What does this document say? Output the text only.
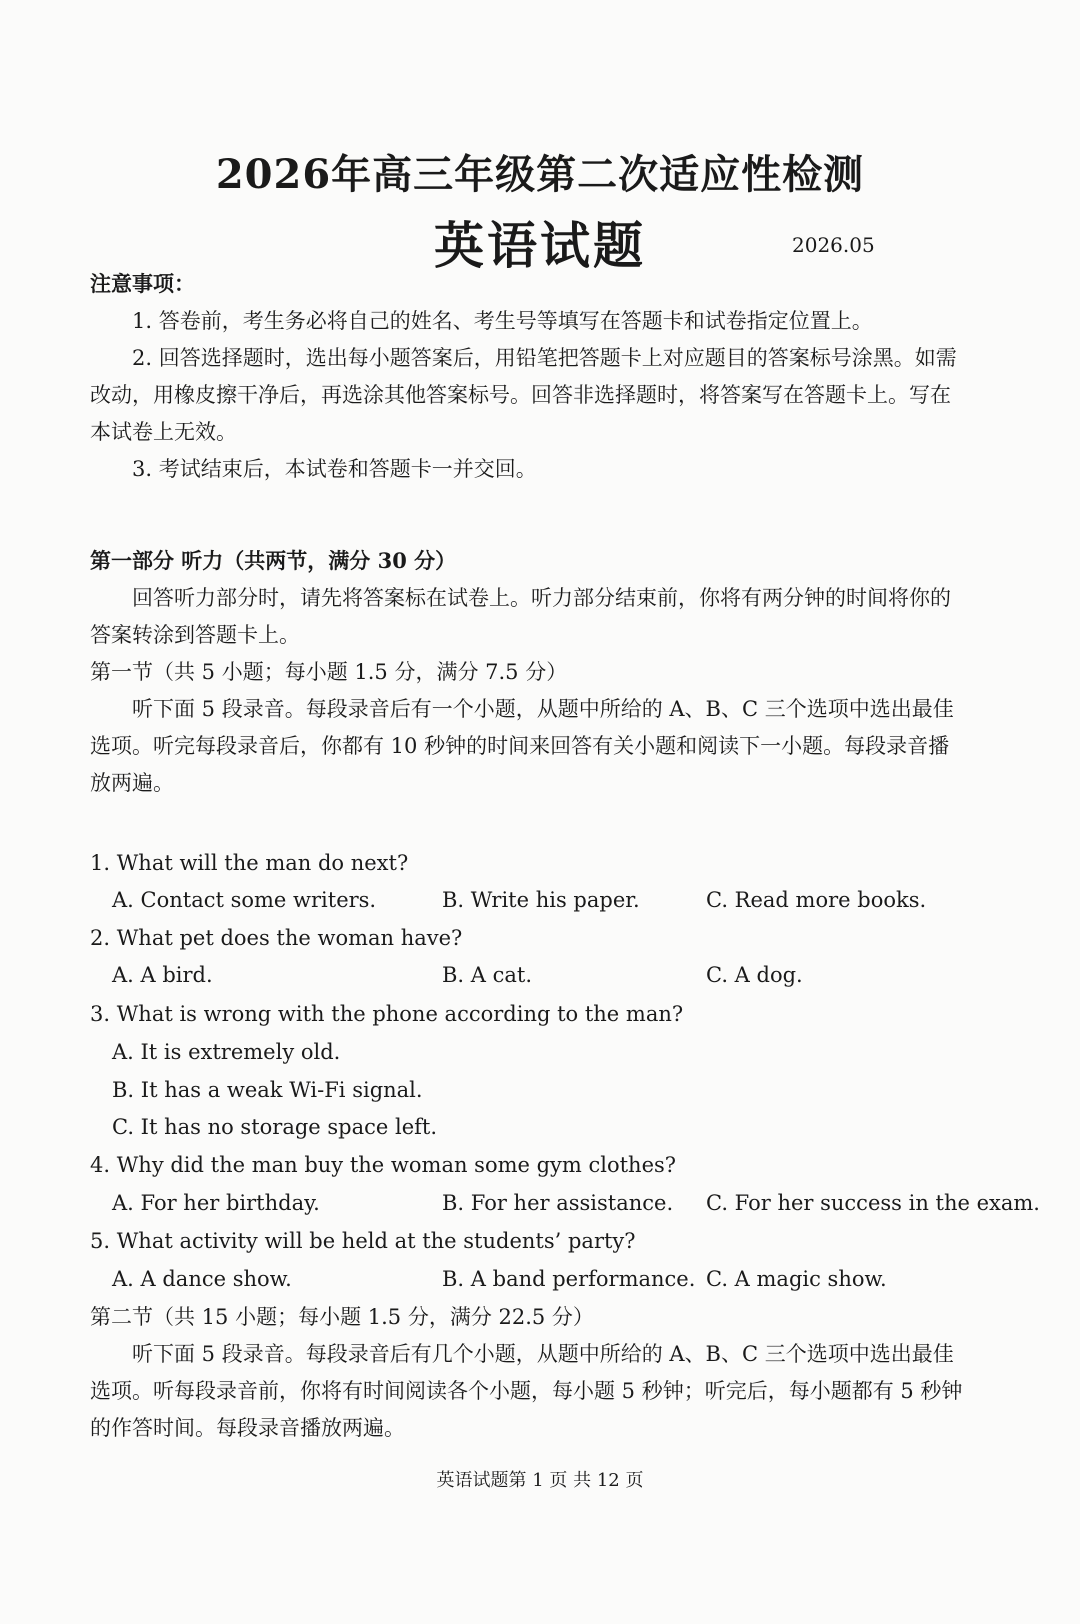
2026年高三年级第二次适应性检测
英语试题	2026.05
注意事项：
1. 答卷前，考生务必将自己的姓名、考生号等填写在答题卡和试卷指定位置上。
2. 回答选择题时，选出每小题答案后，用铅笔把答题卡上对应题目的答案标号涂黑。如需
改动，用橡皮擦干净后，再选涂其他答案标号。回答非选择题时，将答案写在答题卡上。写在
本试卷上无效。
3. 考试结束后，本试卷和答题卡一并交回。
第一部分 听力（共两节，满分 30 分）
回答听力部分时，请先将答案标在试卷上。听力部分结束前，你将有两分钟的时间将你的
答案转涂到答题卡上。
第一节（共 5 小题；每小题 1.5 分，满分 7.5 分）
听下面 5 段录音。每段录音后有一个小题，从题中所给的 A、B、C 三个选项中选出最佳
选项。听完每段录音后，你都有 10 秒钟的时间来回答有关小题和阅读下一小题。每段录音播
放两遍。
1. What will the man do next?
A. Contact some writers.	B. Write his paper.	C. Read more books.
2. What pet does the woman have?
A. A bird.	B. A cat.	C. A dog.
3. What is wrong with the phone according to the man?
A. It is extremely old.
B. It has a weak Wi-Fi signal.
C. It has no storage space left.
4. Why did the man buy the woman some gym clothes?
A. For her birthday.	B. For her assistance. C. For her success in the exam.
5. What activity will be held at the students’ party?
A. A dance show.	B. A band performance. C. A magic show.
第二节（共 15 小题；每小题 1.5 分，满分 22.5 分）
听下面 5 段录音。每段录音后有几个小题，从题中所给的 A、B、C 三个选项中选出最佳
选项。听每段录音前，你将有时间阅读各个小题，每小题 5 秒钟；听完后，每小题都有 5 秒钟
的作答时间。每段录音播放两遍。
英语试题第 1 页 共 12 页
